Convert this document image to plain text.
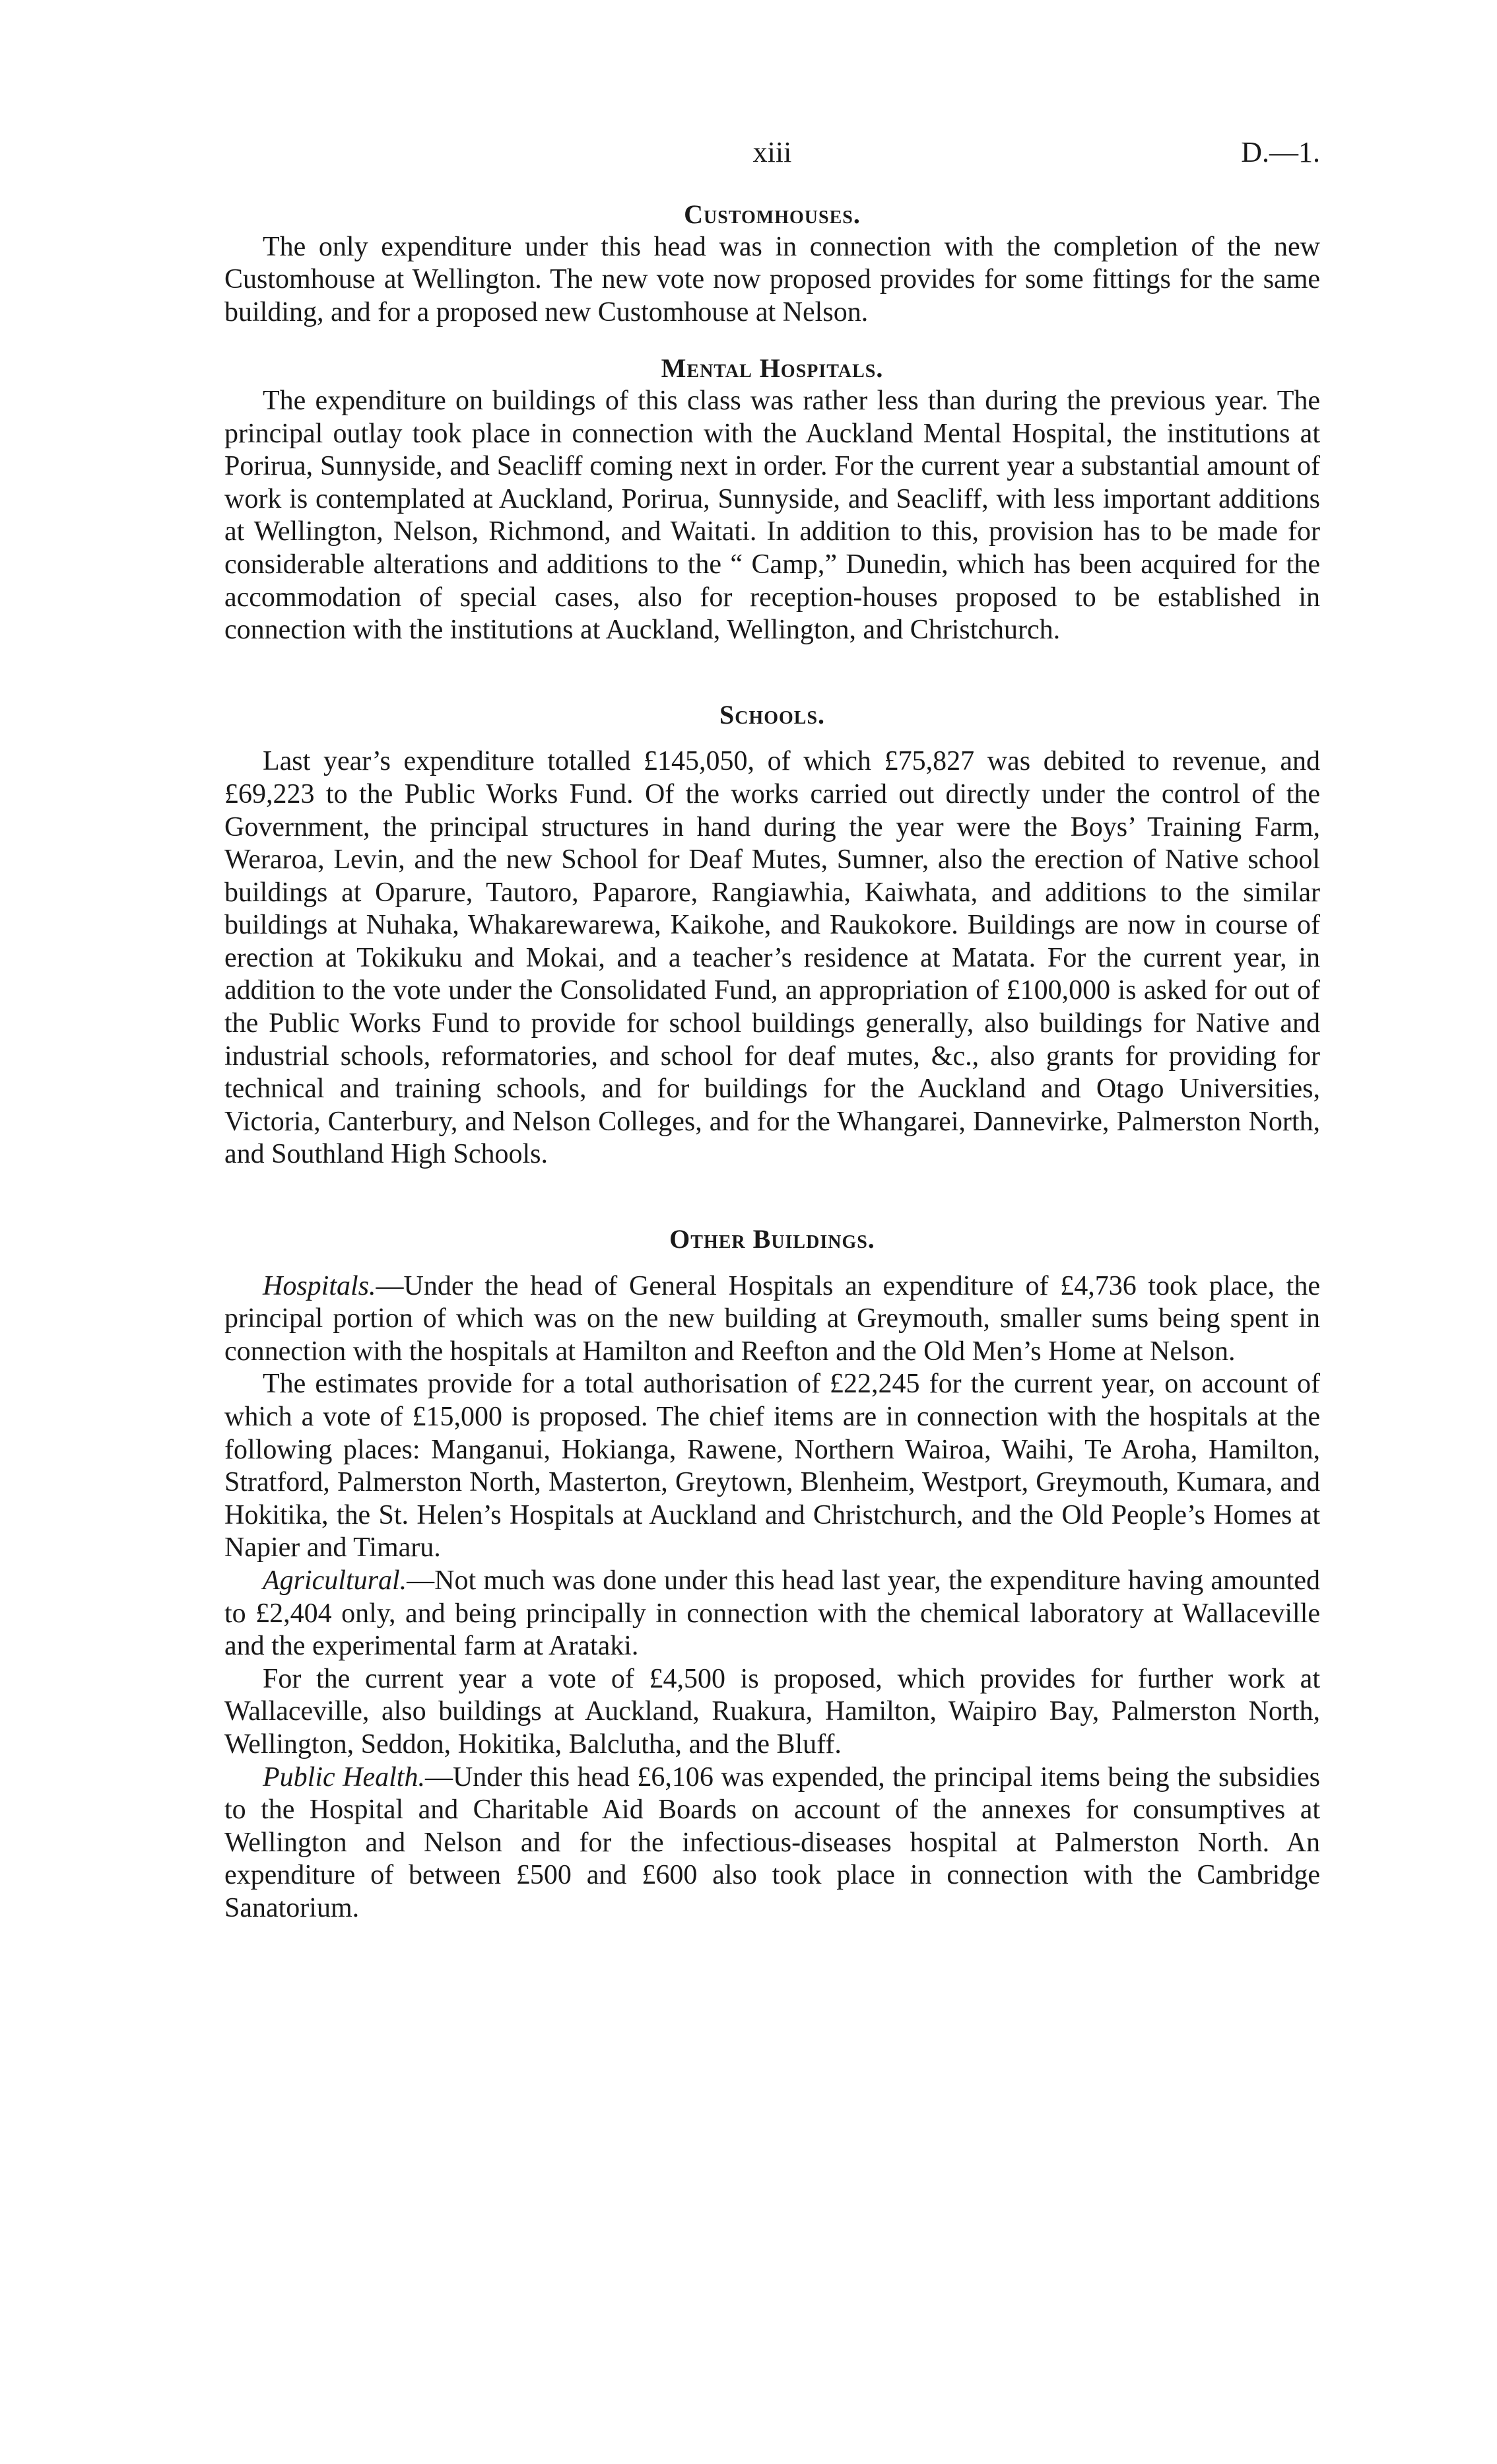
xiii	D.—1.
Customhouses.

The only expenditure under this head was in connection with the completion of the new Customhouse at Wellington. The new vote now proposed provides for some fittings for the same building, and for a proposed new Customhouse at Nelson.

Mental Hospitals.

The expenditure on buildings of this class was rather less than during the previous year. The principal outlay took place in connection with the Auckland Mental Hospital, the institutions at Porirua, Sunnyside, and Seacliff coming next in order. For the current year a substantial amount of work is contemplated at Auckland, Porirua, Sunnyside, and Seacliff, with less important additions at Wellington, Nelson, Richmond, and Waitati. In addition to this, provision has to be made for considerable alterations and additions to the “ Camp,” Dunedin, which has been acquired for the accommodation of special cases, also for reception-houses proposed to be established in connection with the institutions at Auckland, Wellington, and Christchurch.

Schools.

Last year’s expenditure totalled £145,050, of which £75,827 was debited to revenue, and £69,223 to the Public Works Fund. Of the works carried out directly under the control of the Government, the principal structures in hand during the year were the Boys’ Training Farm, Weraroa, Levin, and the new School for Deaf Mutes, Sumner, also the erection of Native school buildings at Oparure, Tautoro, Paparore, Rangiawhia, Kaiwhata, and additions to the similar buildings at Nuhaka, Whakarewarewa, Kaikohe, and Raukokore. Buildings are now in course of erection at Tokikuku and Mokai, and a teacher’s residence at Matata. For the current year, in addition to the vote under the Consolidated Fund, an appropriation of £100,000 is asked for out of the Public Works Fund to provide for school buildings generally, also buildings for Native and industrial schools, reformatories, and school for deaf mutes, &c., also grants for providing for technical and training schools, and for buildings for the Auckland and Otago Universities, Victoria, Canterbury, and Nelson Colleges, and for the Whangarei, Dannevirke, Palmerston North, and Southland High Schools.

Other Buildings.

Hospitals.—Under the head of General Hospitals an expenditure of £4,736 took place, the principal portion of which was on the new building at Greymouth, smaller sums being spent in connection with the hospitals at Hamilton and Reefton and the Old Men’s Home at Nelson.

The estimates provide for a total authorisation of £22,245 for the current year, on account of which a vote of £15,000 is proposed. The chief items are in connection with the hospitals at the following places: Manganui, Hokianga, Rawene, Northern Wairoa, Waihi, Te Aroha, Hamilton, Stratford, Palmerston North, Masterton, Greytown, Blenheim, Westport, Greymouth, Kumara, and Hokitika, the St. Helen’s Hospitals at Auckland and Christchurch, and the Old People’s Homes at Napier and Timaru.

Agricultural.—Not much was done under this head last year, the expenditure having amounted to £2,404 only, and being principally in connection with the chemical laboratory at Wallaceville and the experimental farm at Arataki.

For the current year a vote of £4,500 is proposed, which provides for further work at Wallaceville, also buildings at Auckland, Ruakura, Hamilton, Waipiro Bay, Palmerston North, Wellington, Seddon, Hokitika, Balclutha, and the Bluff.

Public Health.—Under this head £6,106 was expended, the principal items being the subsidies to the Hospital and Charitable Aid Boards on account of the annexes for consumptives at Wellington and Nelson and for the infectious-diseases hospital at Palmerston North. An expenditure of between £500 and £600 also took place in connection with the Cambridge Sanatorium.
